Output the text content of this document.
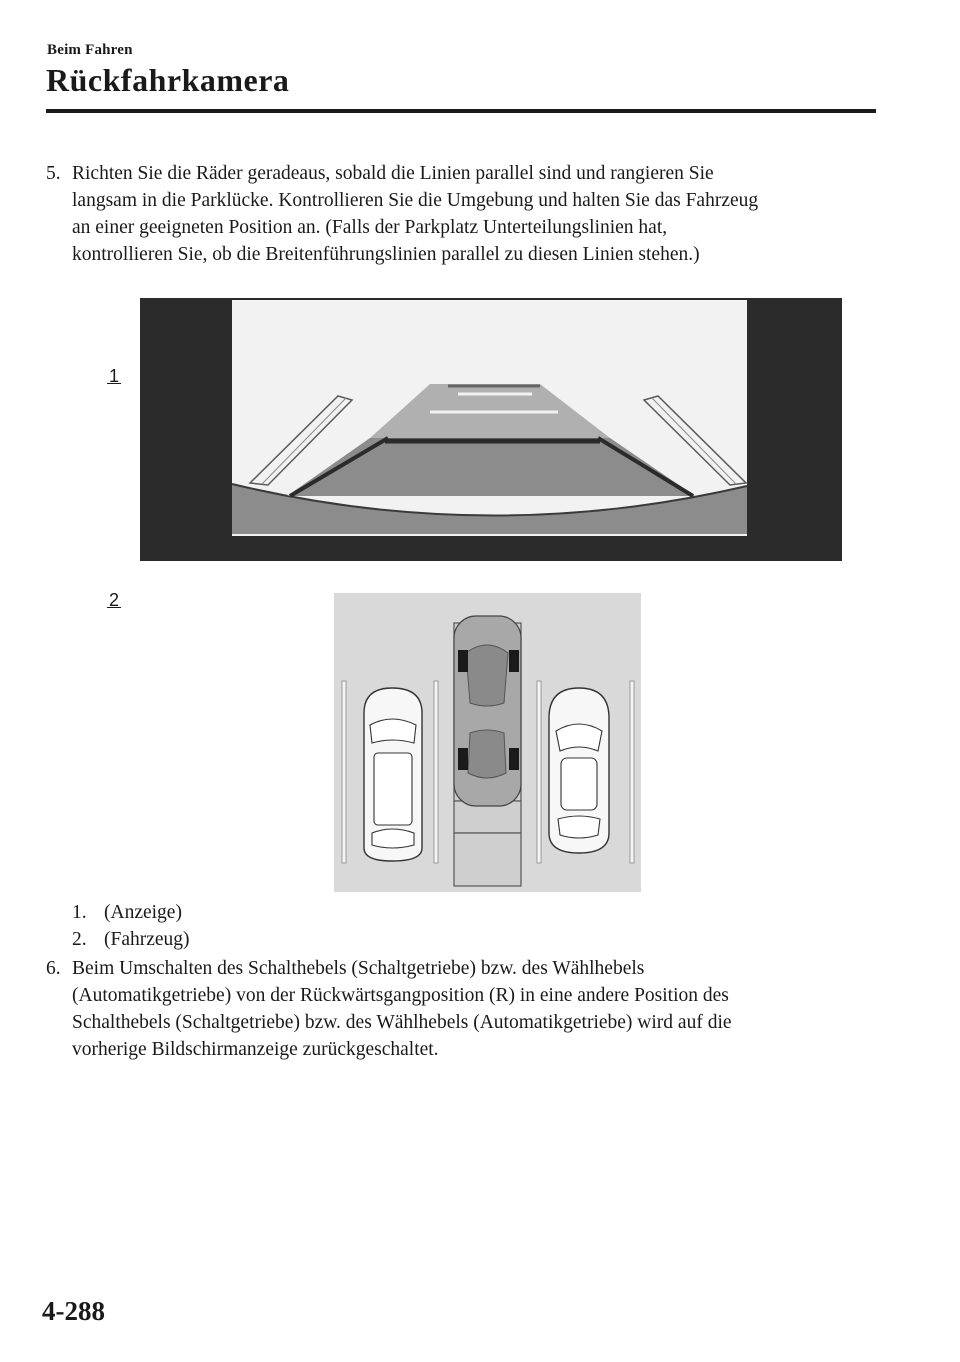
Beim Fahren
Rückfahrkamera
5. Richten Sie die Räder geradeaus, sobald die Linien parallel sind und rangieren Sie
langsam in die Parklücke. Kontrollieren Sie die Umgebung und halten Sie das Fahrzeug
an einer geeigneten Position an. (Falls der Parkplatz Unterteilungslinien hat,
kontrollieren Sie, ob die Breitenführungslinien parallel zu diesen Linien stehen.)
1
2
1. (Anzeige)
2. (Fahrzeug)
6. Beim Umschalten des Schalthebels (Schaltgetriebe) bzw. des Wählhebels
(Automatikgetriebe) von der Rückwärtsgangposition (R) in eine andere Position des
Schalthebels (Schaltgetriebe) bzw. des Wählhebels (Automatikgetriebe) wird auf die
vorherige Bildschirmanzeige zurückgeschaltet.
4-288
